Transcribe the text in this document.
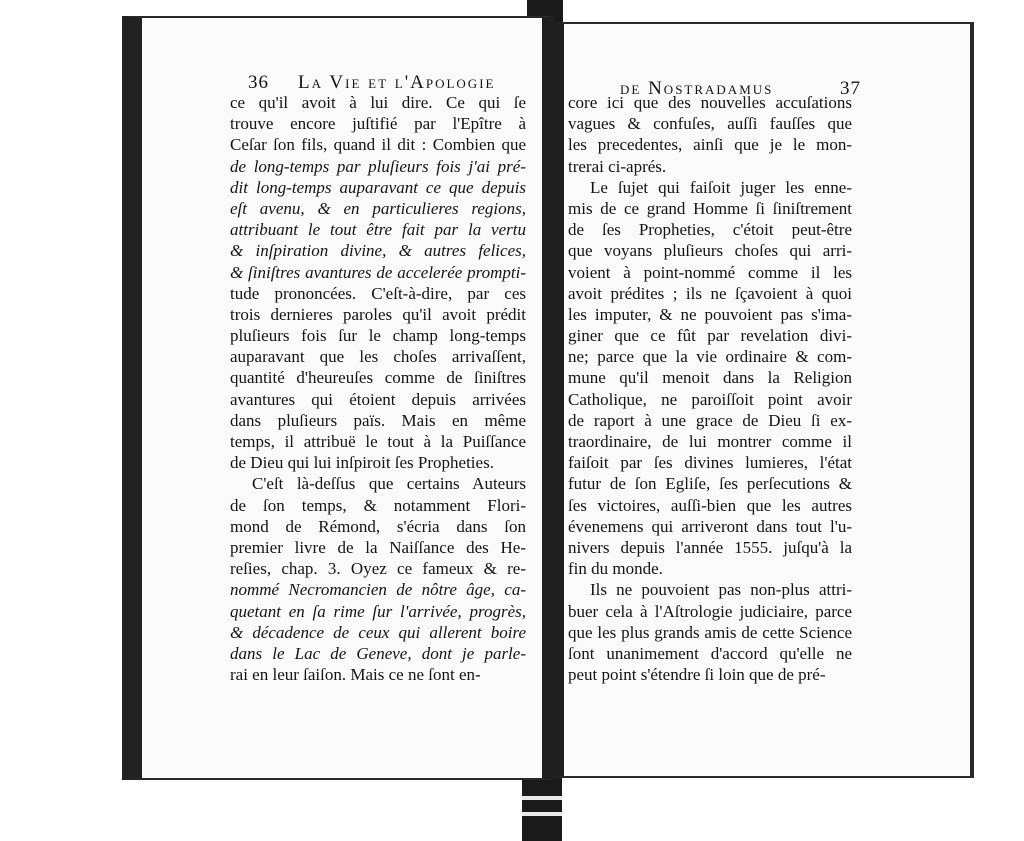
36 La Vie et l'Apologie	de Nostradamus	37
ce qu'il avoit à lui dire. Ce qui ſe
trouve encore juſtifié par l'Epître à
Ceſar ſon fils, quand il dit : Combien que
de long-temps par pluſieurs fois j'ai pré-
dit long-temps auparavant ce que depuis
eſt avenu, & en particulieres regions,
attribuant le tout être fait par la vertu
& inſpiration divine, & autres felices,
& ſiniſtres avantures de accelerée prompti-
tude prononcées. C'eſt-à-dire, par ces
trois dernieres paroles qu'il avoit prédit
pluſieurs fois ſur le champ long-temps
auparavant que les choſes arrivaſſent,
quantité d'heureuſes comme de ſiniſtres
avantures qui étoient depuis arrivées
dans pluſieurs païs. Mais en même
temps, il attribuë le tout à la Puiſſance
de Dieu qui lui inſpiroit ſes Propheties.
C'eſt là-deſſus que certains Auteurs
de ſon temps, & notamment Flori-
mond de Rémond, s'écria dans ſon
premier livre de la Naiſſance des He-
reſies, chap. 3. Oyez ce fameux & re-
nommé Necromancien de nôtre âge, ca-
quetant en ſa rime ſur l'arrivée, progrès,
& décadence de ceux qui allerent boire
dans le Lac de Geneve, dont je parle-
rai en leur ſaiſon. Mais ce ne ſont en-
core ici que des nouvelles accuſations
vagues & confuſes, auſſi fauſſes que
les precedentes, ainſi que je le mon-
trerai ci-aprés.
Le ſujet qui faiſoit juger les enne-
mis de ce grand Homme ſi ſiniſtrement
de ſes Propheties, c'étoit peut-être
que voyans pluſieurs choſes qui arri-
voient à point-nommé comme il les
avoit prédites ; ils ne ſçavoient à quoi
les imputer, & ne pouvoient pas s'ima-
giner que ce fût par revelation divi-
ne; parce que la vie ordinaire & com-
mune qu'il menoit dans la Religion
Catholique, ne paroiſſoit point avoir
de raport à une grace de Dieu ſi ex-
traordinaire, de lui montrer comme il
faiſoit par ſes divines lumieres, l'état
futur de ſon Egliſe, ſes perſecutions &
ſes victoires, auſſi-bien que les autres
évenemens qui arriveront dans tout l'u-
nivers depuis l'année 1555. juſqu'à la
fin du monde.
Ils ne pouvoient pas non-plus attri-
buer cela à l'Aſtrologie judiciaire, parce
que les plus grands amis de cette Science
ſont unanimement d'accord qu'elle ne
peut point s'étendre ſi loin que de pré-
